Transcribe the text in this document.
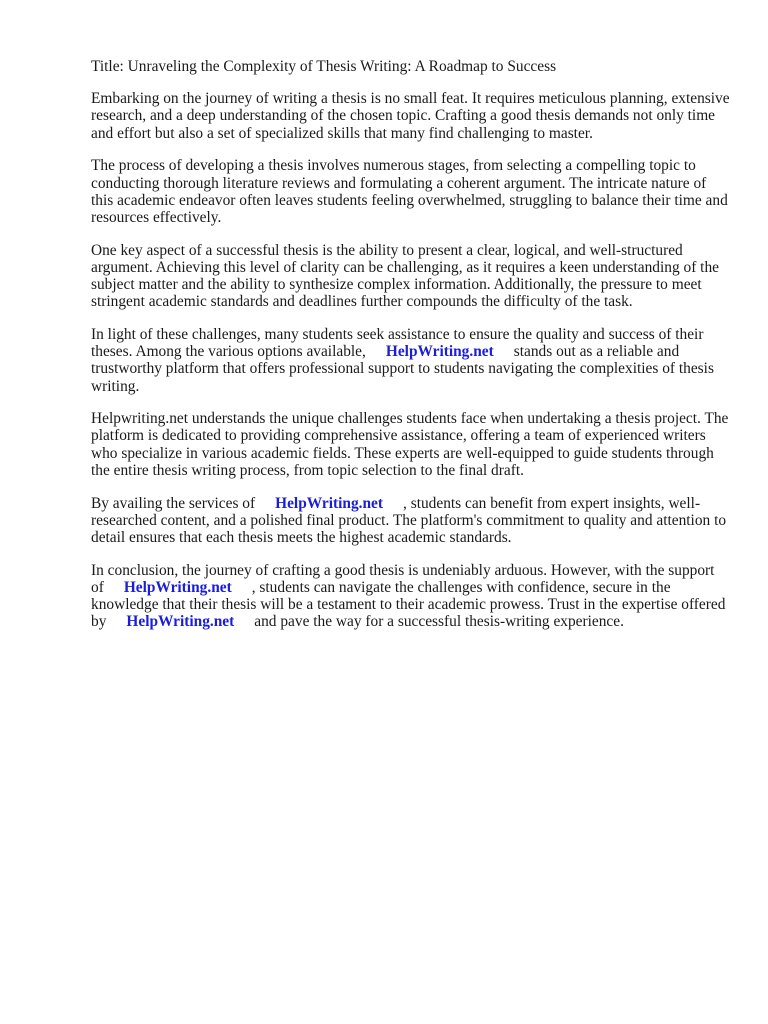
Title: Unraveling the Complexity of Thesis Writing: A Roadmap to Success

Embarking on the journey of writing a thesis is no small feat. It requires meticulous planning, extensive research, and a deep understanding of the chosen topic. Crafting a good thesis demands not only time and effort but also a set of specialized skills that many find challenging to master.

The process of developing a thesis involves numerous stages, from selecting a compelling topic to conducting thorough literature reviews and formulating a coherent argument. The intricate nature of this academic endeavor often leaves students feeling overwhelmed, struggling to balance their time and resources effectively.

One key aspect of a successful thesis is the ability to present a clear, logical, and well-structured argument. Achieving this level of clarity can be challenging, as it requires a keen understanding of the subject matter and the ability to synthesize complex information. Additionally, the pressure to meet stringent academic standards and deadlines further compounds the difficulty of the task.

In light of these challenges, many students seek assistance to ensure the quality and success of their theses. Among the various options available, HelpWriting.net stands out as a reliable and trustworthy platform that offers professional support to students navigating the complexities of thesis writing.

Helpwriting.net understands the unique challenges students face when undertaking a thesis project. The platform is dedicated to providing comprehensive assistance, offering a team of experienced writers who specialize in various academic fields. These experts are well-equipped to guide students through the entire thesis writing process, from topic selection to the final draft.

By availing the services of HelpWriting.net , students can benefit from expert insights, well-researched content, and a polished final product. The platform's commitment to quality and attention to detail ensures that each thesis meets the highest academic standards.

In conclusion, the journey of crafting a good thesis is undeniably arduous. However, with the support of HelpWriting.net , students can navigate the challenges with confidence, secure in the knowledge that their thesis will be a testament to their academic prowess. Trust in the expertise offered by HelpWriting.net and pave the way for a successful thesis-writing experience.
